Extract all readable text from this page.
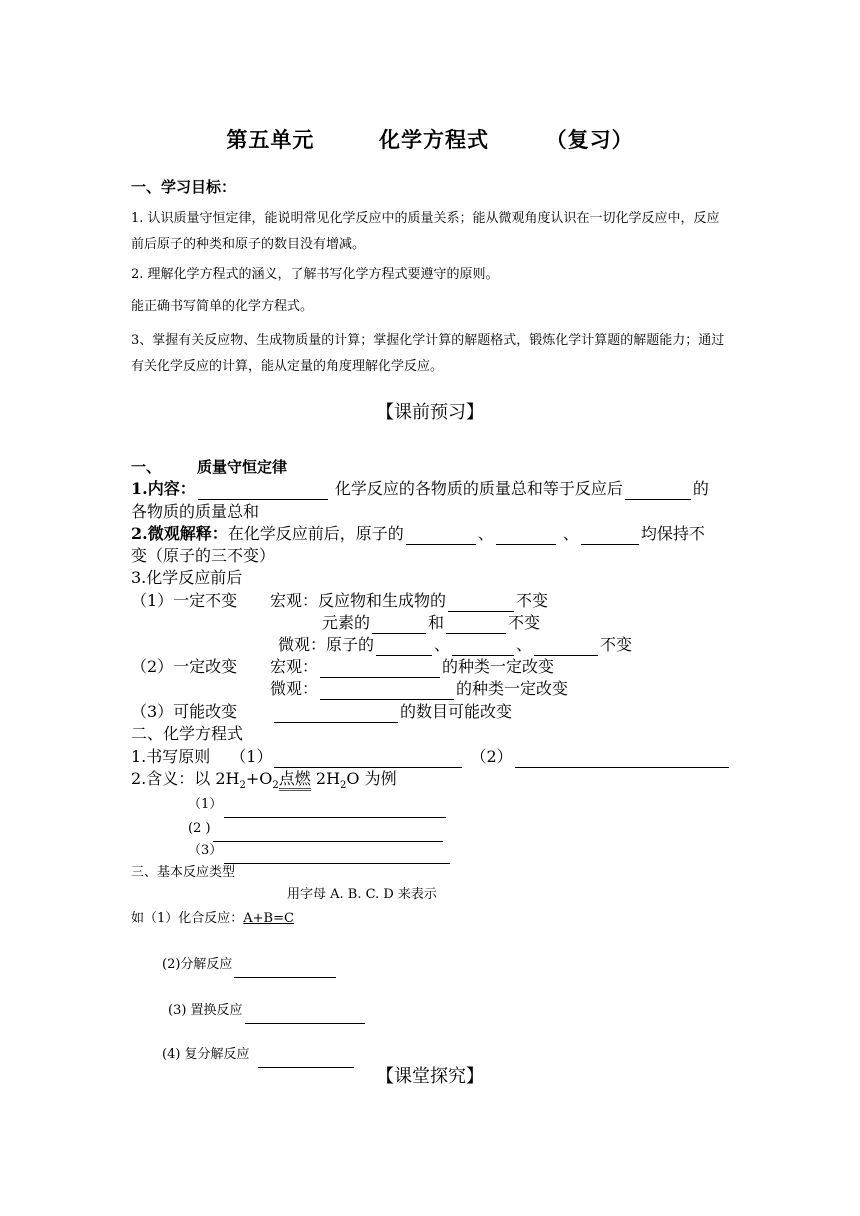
第五单元	化学方程式	（复习）
一、学习目标：
1. 认识质量守恒定律，能说明常见化学反应中的质量关系；能从微观角度认识在一切化学反应中，反应前后原子的种类和原子的数目没有增减。
2. 理解化学方程式的涵义，了解书写化学方程式要遵守的原则。
能正确书写简单的化学方程式。
3、掌握有关反应物、生成物质量的计算；掌握化学计算的解题格式，锻炼化学计算题的解题能力；通过有关化学反应的计算，能从定量的角度理解化学反应。
【课前预习】
一、 质量守恒定律
1.内容：	化学反应的各物质的质量总和等于反应后	的
各物质的质量总和
2.微观解释：在化学反应前后，原子的	、	、	均保持不
变（原子的三不变）
3.化学反应前后
（1）一定不变 宏观：反应物和生成物的	不变
元素的	和	不变
微观：原子的	、	、	不变
（2）一定改变 宏观：	的种类一定改变
微观：	的种类一定改变
（3）可能改变	的数目可能改变
二、化学方程式
1.书写原则 （1）	（2）
2.含义：以 $2H_2+O_2$点燃 $2H_2O$ 为例
（1）
(2 )
（3）
三、基本反应类型
用字母 A. B. C. D 来表示
如（1）化合反应：A+B=C
(2)分解反应
(3) 置换反应
(4) 复分解反应
【课堂探究】
